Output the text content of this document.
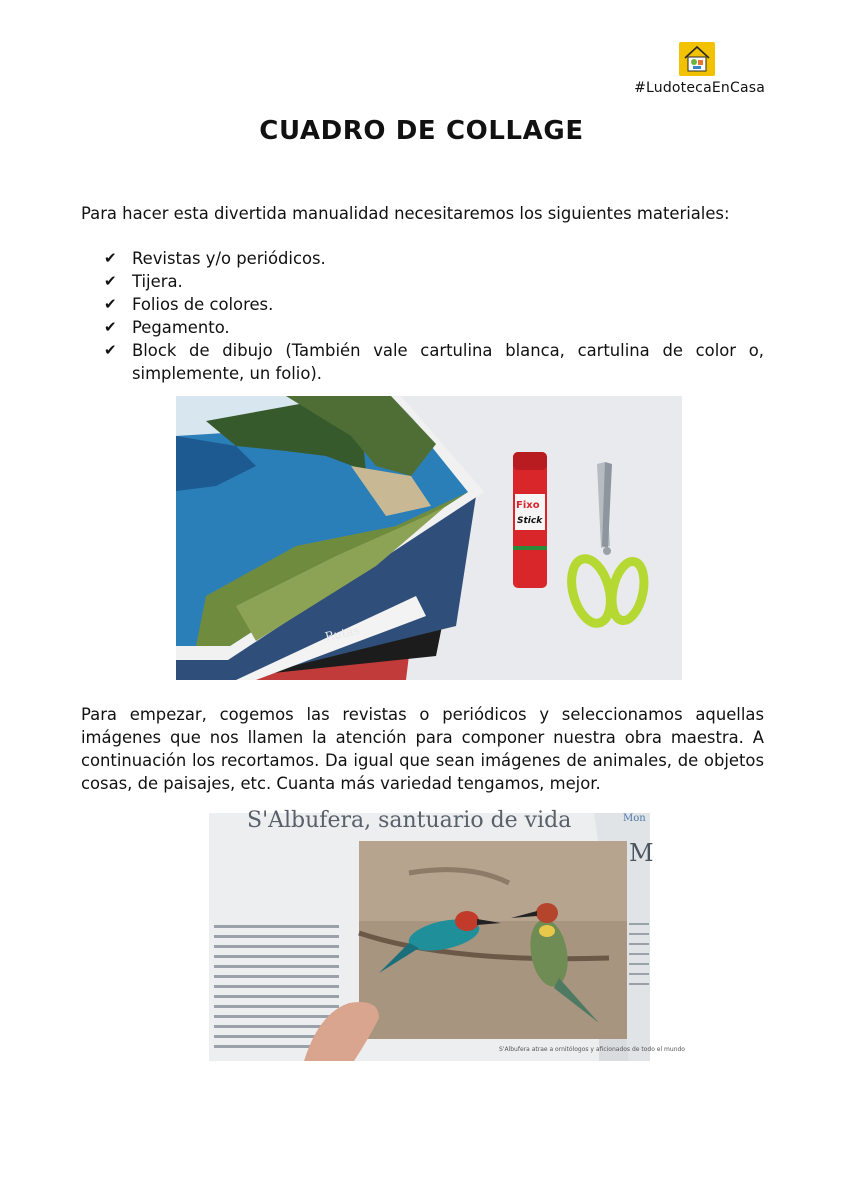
#LudotecaEnCasa
CUADRO DE COLLAGE

Para hacer esta divertida manualidad necesitaremos los siguientes materiales:

✔ Revistas y/o periódicos.
✔ Tijera.
✔ Folios de colores.
✔ Pegamento.
✔ Block de dibujo (También vale cartulina blanca, cartulina de color o, simplemente, un folio).
Rutas
Fixo
Stick

Para empezar, cogemos las revistas o periódicos y seleccionamos aquellas imágenes que nos llamen la atención para componer nuestra obra maestra. A continuación los recortamos. Da igual que sean imágenes de animales, de objetos cosas, de paisajes, etc. Cuanta más variedad tengamos, mejor.

S'Albufera, santuario de vida	Mon
M
S'Albufera atrae a ornitólogos y aficionados de todo el mundo
